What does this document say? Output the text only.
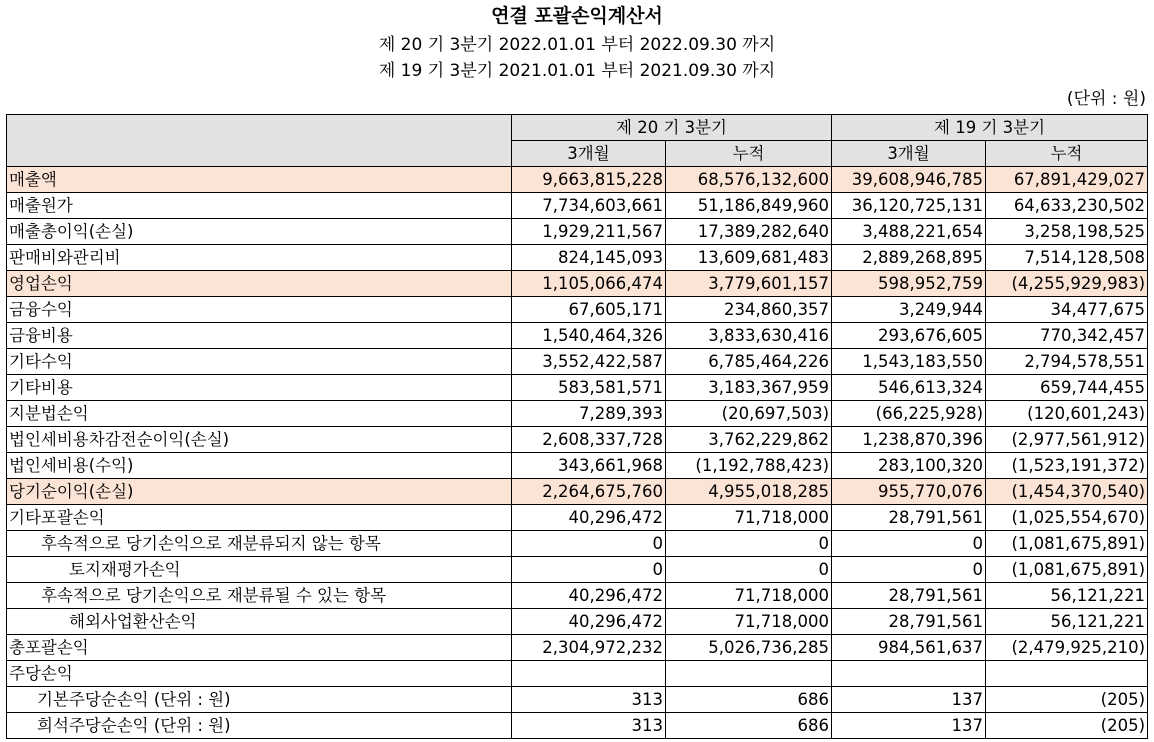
연결 포괄손익계산서
제 20 기 3분기 2022.01.01 부터 2022.09.30 까지
제 19 기 3분기 2021.01.01 부터 2021.09.30 까지
(단위 : 원)
	제 20 기 3분기		제 19 기 3분기	
	3개월	누적	3개월	누적
매출액	9,663,815,228	68,576,132,600	39,608,946,785	67,891,429,027
매출원가	7,734,603,661	51,186,849,960	36,120,725,131	64,633,230,502
매출총이익(손실)	1,929,211,567	17,389,282,640	3,488,221,654	3,258,198,525
판매비와관리비	824,145,093	13,609,681,483	2,889,268,895	7,514,128,508
영업손익	1,105,066,474	3,779,601,157	598,952,759	(4,255,929,983)
금융수익	67,605,171	234,860,357	3,249,944	34,477,675
금융비용	1,540,464,326	3,833,630,416	293,676,605	770,342,457
기타수익	3,552,422,587	6,785,464,226	1,543,183,550	2,794,578,551
기타비용	583,581,571	3,183,367,959	546,613,324	659,744,455
지분법손익	7,289,393	(20,697,503)	(66,225,928)	(120,601,243)
법인세비용차감전순이익(손실)	2,608,337,728	3,762,229,862	1,238,870,396	(2,977,561,912)
법인세비용(수익)	343,661,968	(1,192,788,423)	283,100,320	(1,523,191,372)
당기순이익(손실)	2,264,675,760	4,955,018,285	955,770,076	(1,454,370,540)
기타포괄손익	40,296,472	71,718,000	28,791,561	(1,025,554,670)
후속적으로 당기손익으로 재분류되지 않는 항목	0	0	0	(1,081,675,891)
토지재평가손익	0	0	0	(1,081,675,891)
후속적으로 당기손익으로 재분류될 수 있는 항목	40,296,472	71,718,000	28,791,561	56,121,221
해외사업환산손익	40,296,472	71,718,000	28,791,561	56,121,221
총포괄손익	2,304,972,232	5,026,736,285	984,561,637	(2,479,925,210)
주당손익				
기본주당순손익 (단위 : 원)	313	686	137	(205)
희석주당순손익 (단위 : 원)	313	686	137	(205)
